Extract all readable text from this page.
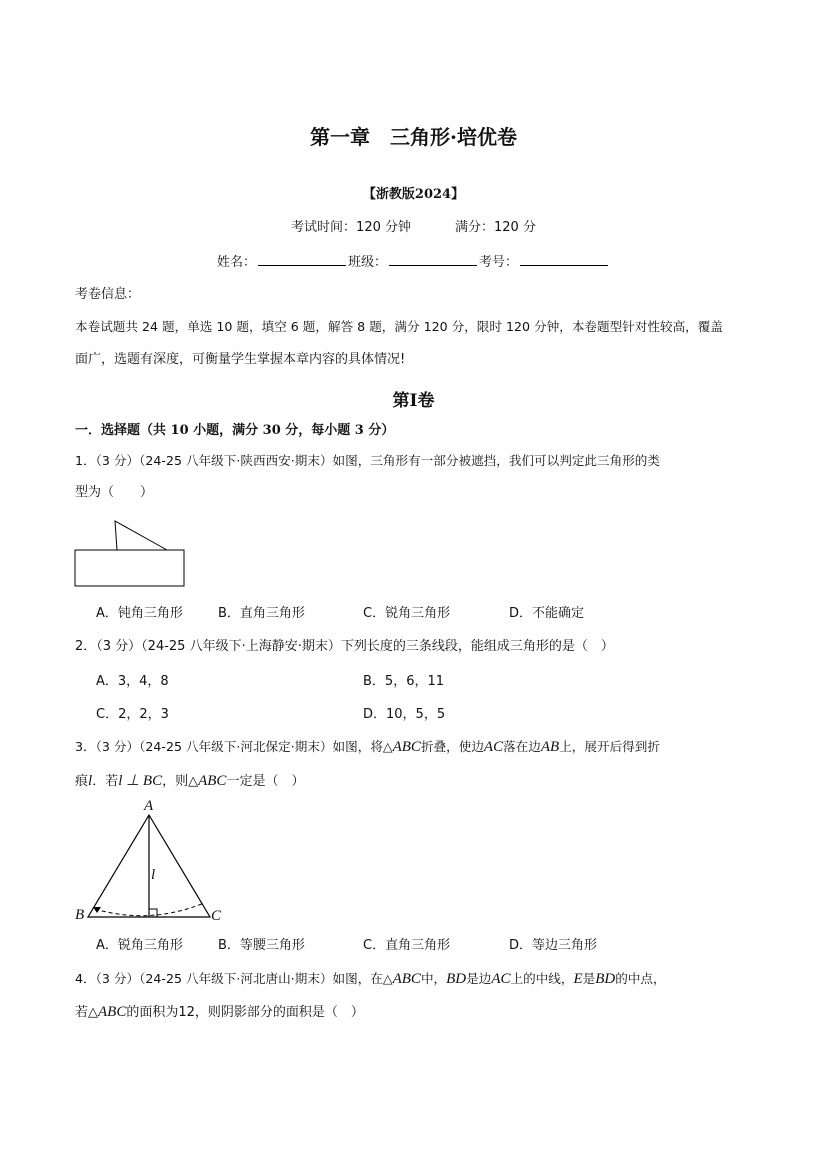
第一章　三角形·培优卷
【浙教版2024】
考试时间：120 分钟	满分：120 分
姓名：	班级：	考号：
考卷信息：
本卷试题共 24 题，单选 10 题，填空 6 题，解答 8 题，满分 120 分，限时 120 分钟，本卷题型针对性较高，覆盖
面广，选题有深度，可衡量学生掌握本章内容的具体情况!
第Ⅰ卷
一．选择题（共 10 小题，满分 30 分，每小题 3 分）
1．（3 分）（24-25 八年级下·陕西西安·期末）如图，三角形有一部分被遮挡，我们可以判定此三角形的类
型为（　　）
A．钝角三角形	B．直角三角形	C．锐角三角形	D．不能确定
2．（3 分）（24-25 八年级下·上海静安·期末）下列长度的三条线段，能组成三角形的是（　）
A．3，4，8	B．5，6，11
C．2，2，3	D．10，5，5
3．（3 分）（24-25 八年级下·河北保定·期末）如图，将△ABC折叠，使边AC落在边AB上，展开后得到折
痕l．若l ⊥ BC，则△ABC一定是（　）
A
B	C
l
A．锐角三角形	B．等腰三角形	C．直角三角形	D．等边三角形
4．（3 分）（24-25 八年级下·河北唐山·期末）如图，在△ABC中，BD是边AC上的中线，E是BD的中点，
若△ABC的面积为12，则阴影部分的面积是（　）
